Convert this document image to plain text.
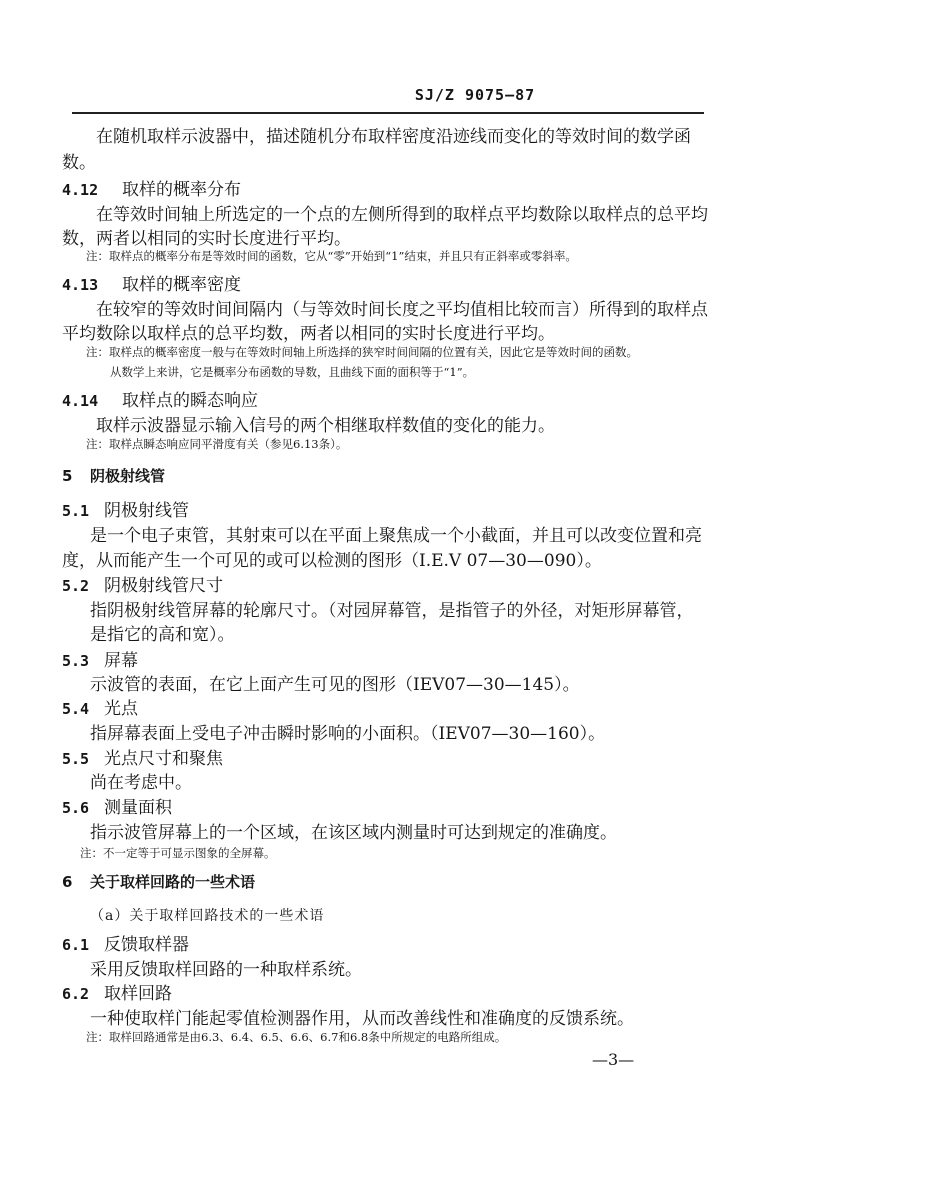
SJ/Z 9075—87
在随机取样示波器中，描述随机分布取样密度沿迹线而变化的等效时间的数学函
数。
4.12 取样的概率分布
在等效时间轴上所选定的一个点的左侧所得到的取样点平均数除以取样点的总平均
数，两者以相同的实时长度进行平均。
注：取样点的概率分布是等效时间的函数，它从“零”开始到“1”结束，并且只有正斜率或零斜率。
4.13 取样的概率密度
在较窄的等效时间间隔内（与等效时间长度之平均值相比较而言）所得到的取样点
平均数除以取样点的总平均数，两者以相同的实时长度进行平均。
注：取样点的概率密度一般与在等效时间轴上所选择的狭窄时间间隔的位置有关，因此它是等效时间的函数。
从数学上来讲，它是概率分布函数的导数，且曲线下面的面积等于“1”。
4.14 取样点的瞬态响应
取样示波器显示输入信号的两个相继取样数值的变化的能力。
注：取样点瞬态响应同平滑度有关（参见6.13条）。
5 阴极射线管
5.1 阴极射线管
是一个电子束管，其射束可以在平面上聚焦成一个小截面，并且可以改变位置和亮
度，从而能产生一个可见的或可以检测的图形（I.E.V 07—30—090）。
5.2 阴极射线管尺寸
指阴极射线管屏幕的轮廓尺寸。（对园屏幕管，是指管子的外径，对矩形屏幕管，
是指它的高和宽）。
5.3 屏幕
示波管的表面，在它上面产生可见的图形（IEV07—30—145）。
5.4 光点
指屏幕表面上受电子冲击瞬时影响的小面积。（IEV07—30—160）。
5.5 光点尺寸和聚焦
尚在考虑中。
5.6 测量面积
指示波管屏幕上的一个区域，在该区域内测量时可达到规定的准确度。
注：不一定等于可显示图象的全屏幕。
6 关于取样回路的一些术语
（a）关于取样回路技术的一些术语
6.1 反馈取样器
采用反馈取样回路的一种取样系统。
6.2 取样回路
一种使取样门能起零值检测器作用，从而改善线性和准确度的反馈系统。
注：取样回路通常是由6.3、6.4、6.5、6.6、6.7和6.8条中所规定的电路所组成。
—3—
